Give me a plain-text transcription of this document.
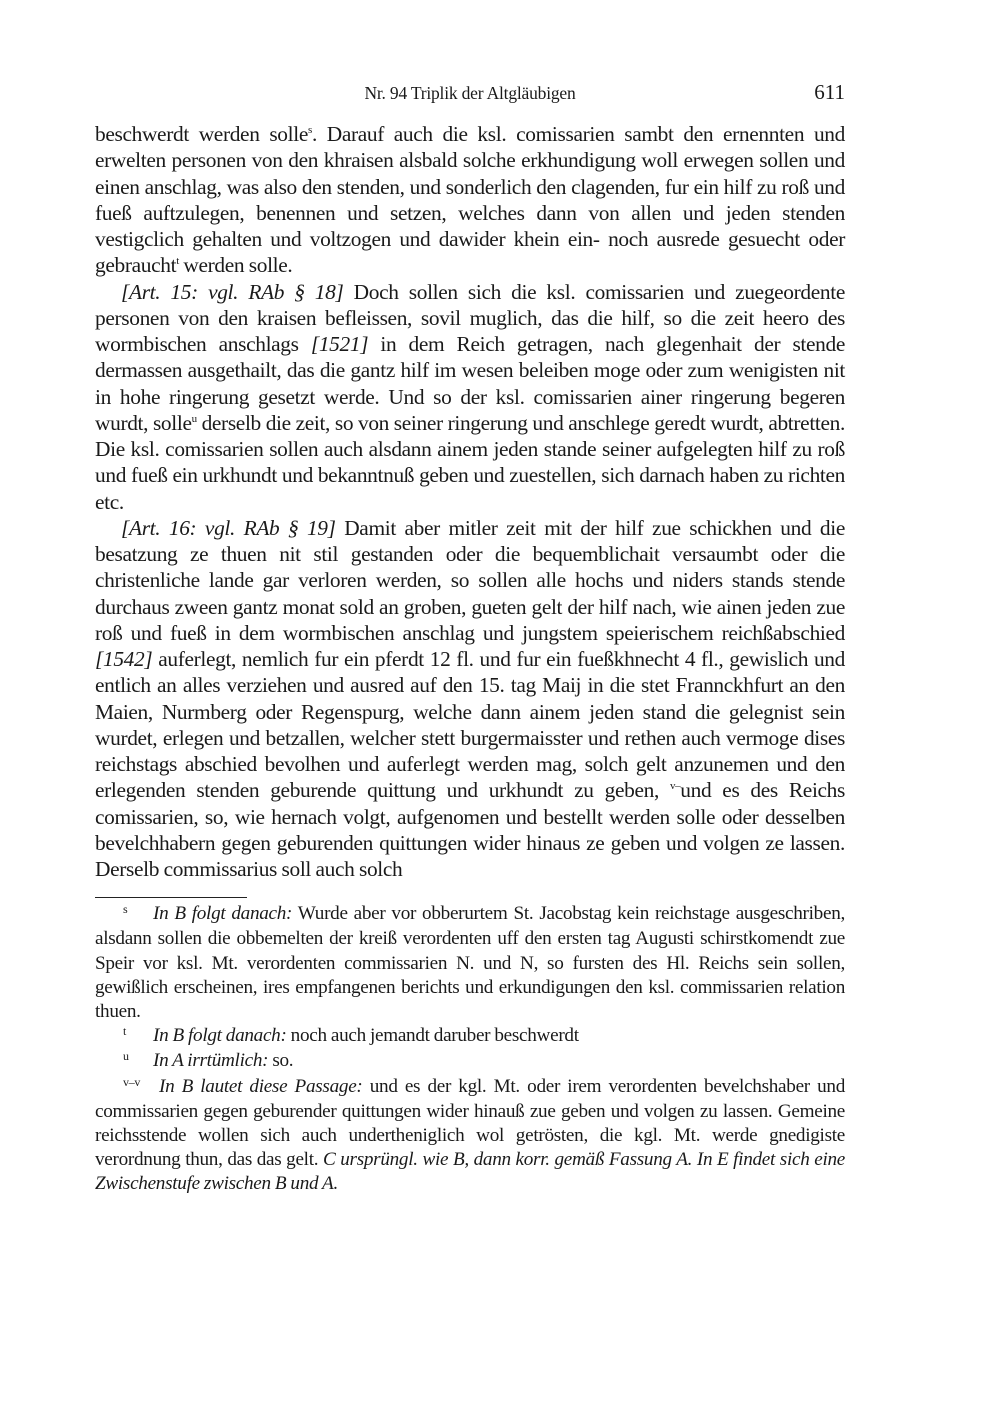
Nr. 94 Triplik der Altgläubigen	611

beschwerdt werden solle$^s$. Darauf auch die ksl. comissarien sambt den ernennten und erwelten personen von den khraisen alsbald solche erkhundigung woll erwegen sollen und einen anschlag, was also den stenden, und sonderlich den clagenden, fur ein hilf zu roß und fueß auftzulegen, benennen und setzen, welches dann von allen und jeden stenden vestigclich gehalten und voltzogen und dawider khein ein- noch ausrede gesuecht oder gebraucht$^t$ werden solle.

[Art. 15: vgl. RAb § 18] Doch sollen sich die ksl. comissarien und zuegeordente personen von den kraisen befleissen, sovil muglich, das die hilf, so die zeit heero des wormbischen anschlags [1521] in dem Reich getragen, nach glegenhait der stende dermassen ausgethailt, das die gantz hilf im wesen beleiben moge oder zum wenigisten nit in hohe ringerung gesetzt werde. Und so der ksl. comissarien ainer ringerung begeren wurdt, solle$^u$ derselb die zeit, so von seiner ringerung und anschlege geredt wurdt, abtretten. Die ksl. comissarien sollen auch alsdann ainem jeden stande seiner aufgelegten hilf zu roß und fueß ein urkhundt und bekanntnuß geben und zuestellen, sich darnach haben zu richten etc.

[Art. 16: vgl. RAb § 19] Damit aber mitler zeit mit der hilf zue schickhen und die besatzung ze thuen nit stil gestanden oder die bequemblichait versaumbt oder die christenliche lande gar verloren werden, so sollen alle hochs und niders stands stende durchaus zween gantz monat sold an groben, gueten gelt der hilf nach, wie ainen jeden zue roß und fueß in dem wormbischen anschlag und jungstem speierischem reichßabschied [1542] auferlegt, nemlich fur ein pferdt 12 fl. und fur ein fueßkhnecht 4 fl., gewislich und entlich an alles verziehen und ausred auf den 15. tag Maij in die stet Frannckhfurt an den Maien, Nurmberg oder Regenspurg, welche dann ainem jeden stand die gelegnist sein wurdet, erlegen und betzallen, welcher stett burgermaisster und rethen auch vermoge dises reichstags abschied bevolhen und auferlegt werden mag, solch gelt anzunemen und den erlegenden stenden geburende quittung und urkhundt zu geben, $^{v-}$und es des Reichs comissarien, so, wie hernach volgt, aufgenomen und bestellt werden solle oder desselben bevelchhabern gegen geburenden quittungen wider hinaus ze geben und volgen ze lassen. Derselb commissarius soll auch solch

s In B folgt danach: Wurde aber vor obberurtem St. Jacobstag kein reichstage ausgeschriben, alsdann sollen die obbemelten der kreiß verordenten uff den ersten tag Augusti schirstkomendt zue Speir vor ksl. Mt. verordenten commissarien N. und N, so fursten des Hl. Reichs sein sollen, gewißlich erscheinen, ires empfangenen berichts und erkundigungen den ksl. commissarien relation thuen.

t In B folgt danach: noch auch jemandt daruber beschwerdt

u In A irrtümlich: so.

v–v In B lautet diese Passage: und es der kgl. Mt. oder irem verordenten bevelchshaber und commissarien gegen geburender quittungen wider hinauß zue geben und volgen zu lassen. Gemeine reichsstende wollen sich auch undertheniglich wol getrösten, die kgl. Mt. werde gnedigiste verordnung thun, das das gelt. C ursprüngl. wie B, dann korr. gemäß Fassung A. In E findet sich eine Zwischenstufe zwischen B und A.
